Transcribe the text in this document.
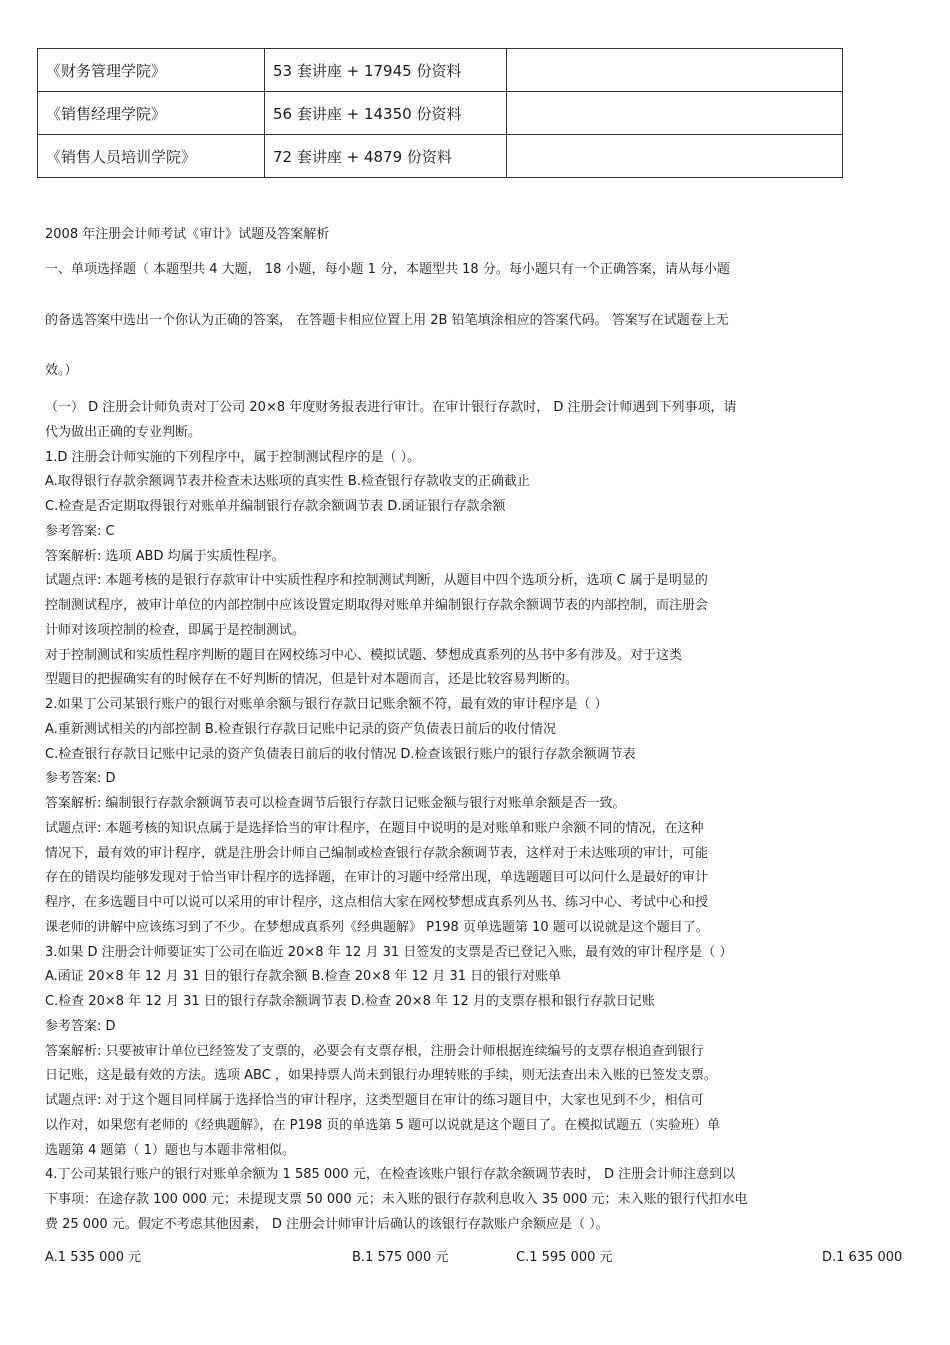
《财务管理学院》	53 套讲座 + 17945 份资料	
《销售经理学院》	56 套讲座 + 14350 份资料	
《销售人员培训学院》	72 套讲座 + 4879 份资料	
2008 年注册会计师考试《审计》试题及答案解析
一、单项选择题（ 本题型共 4 大题， 18 小题，每小题 1 分，本题型共 18 分。每小题只有一个正确答案，请从每小题
的备选答案中选出一个你认为正确的答案， 在答题卡相应位置上用 2B 铅笔填涂相应的答案代码。 答案写在试题卷上无
效。）
（一） D 注册会计师负责对丁公司 20×8 年度财务报表进行审计。在审计银行存款时， D 注册会计师遇到下列事项，请
代为做出正确的专业判断。
1.D 注册会计师实施的下列程序中，属于控制测试程序的是（ ）。
A.取得银行存款余额调节表并检查未达账项的真实性 B.检查银行存款收支的正确截止
C.检查是否定期取得银行对账单并编制银行存款余额调节表 D.函证银行存款余额
参考答案: C
答案解析: 选项 ABD 均属于实质性程序。
试题点评: 本题考核的是银行存款审计中实质性程序和控制测试判断，从题目中四个选项分析，选项 C 属于是明显的
控制测试程序，被审计单位的内部控制中应该设置定期取得对账单并编制银行存款余额调节表的内部控制，而注册会
计师对该项控制的检查，即属于是控制测试。
对于控制测试和实质性程序判断的题目在网校练习中心、模拟试题、梦想成真系列的丛书中多有涉及。对于这类
型题目的把握确实有的时候存在不好判断的情况，但是针对本题而言，还是比较容易判断的。
2.如果丁公司某银行账户的银行对账单余额与银行存款日记账余额不符，最有效的审计程序是（ ）
A.重新测试相关的内部控制 B.检查银行存款日记账中记录的资产负债表日前后的收付情况
C.检查银行存款日记账中记录的资产负债表日前后的收付情况 D.检查该银行账户的银行存款余额调节表
参考答案: D
答案解析: 编制银行存款余额调节表可以检查调节后银行存款日记账金额与银行对账单余额是否一致。
试题点评: 本题考核的知识点属于是选择恰当的审计程序，在题目中说明的是对账单和账户余额不同的情况，在这种
情况下，最有效的审计程序，就是注册会计师自己编制或检查银行存款余额调节表，这样对于未达账项的审计，可能
存在的错误均能够发现对于恰当审计程序的选择题，在审计的习题中经常出现，单选题题目可以问什么是最好的审计
程序，在多选题目中可以说可以采用的审计程序，这点相信大家在网校梦想成真系列丛书、练习中心、考试中心和授
课老师的讲解中应该练习到了不少。在梦想成真系列《经典题解》 P198 页单选题第 10 题可以说就是这个题目了。
3.如果 D 注册会计师要证实丁公司在临近 20×8 年 12 月 31 日签发的支票是否已登记入账，最有效的审计程序是（ ）
A.函证 20×8 年 12 月 31 日的银行存款余额 B.检查 20×8 年 12 月 31 日的银行对账单
C.检查 20×8 年 12 月 31 日的银行存款余额调节表 D.检查 20×8 年 12 月的支票存根和银行存款日记账
参考答案: D
答案解析: 只要被审计单位已经签发了支票的，必要会有支票存根，注册会计师根据连续编号的支票存根追查到银行
日记账，这是最有效的方法。选项 ABC ，如果持票人尚未到银行办理转账的手续，则无法查出未入账的已签发支票。
试题点评: 对于这个题目同样属于选择恰当的审计程序，这类型题目在审计的练习题目中，大家也见到不少，相信可
以作对，如果您有老师的《经典题解》，在 P198 页的单选第 5 题可以说就是这个题目了。在模拟试题五（实验班）单
选题第 4 题第（ 1）题也与本题非常相似。
4.丁公司某银行账户的银行对账单余额为 1 585 000 元，在检查该账户银行存款余额调节表时， D 注册会计师注意到以
下事项：在途存款 100 000 元；未提现支票 50 000 元；未入账的银行存款利息收入 35 000 元；未入账的银行代扣水电
费 25 000 元。假定不考虑其他因素， D 注册会计师审计后确认的该银行存款账户余额应是（ ）。
A.1 535 000 元	B.1 575 000 元	C.1 595 000 元	D.1 635 000
